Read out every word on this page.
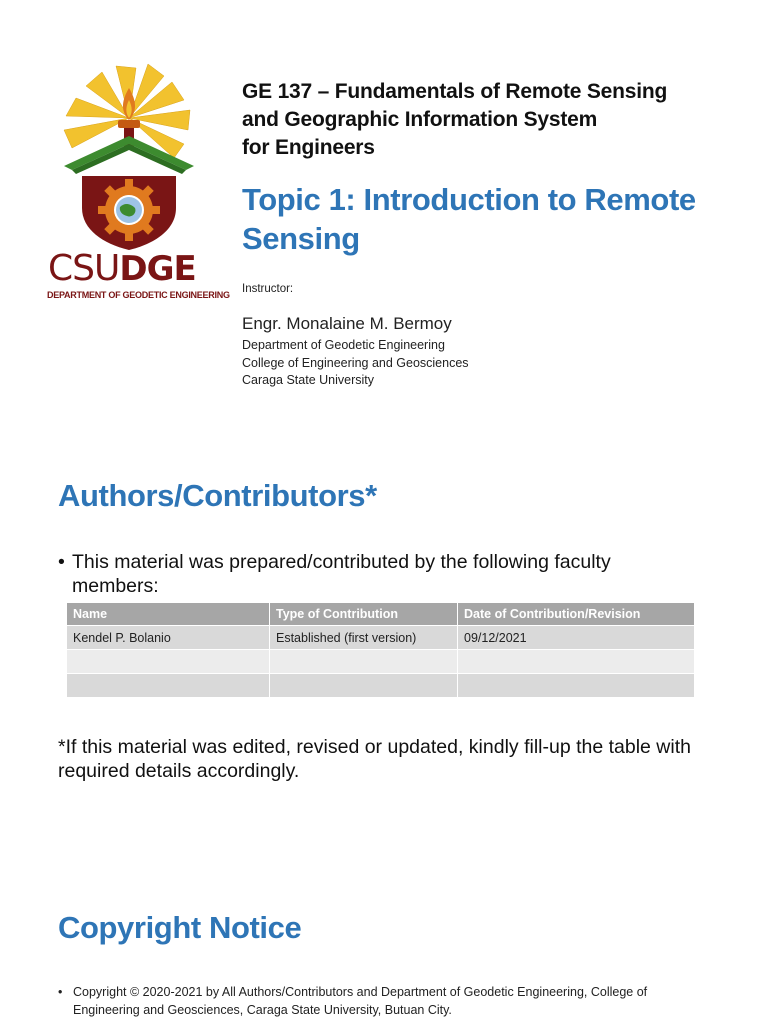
CSUDGE
DEPARTMENT OF GEODETIC ENGINEERING
GE 137 – Fundamentals of Remote Sensing
and Geographic Information System
for Engineers
Topic 1: Introduction to Remote
Sensing
Instructor:
Engr. Monalaine M. Bermoy
Department of Geodetic Engineering
College of Engineering and Geosciences
Caraga State University
Authors/Contributors*
• This material was prepared/contributed by the following faculty members:
Name	Type of Contribution	Date of Contribution/Revision
Kendel P. Bolanio	Established (first version)	09/12/2021

*If this material was edited, revised or updated, kindly fill-up the table with required details accordingly.
Copyright Notice
• Copyright © 2020-2021 by All Authors/Contributors and Department of Geodetic Engineering, College of Engineering and Geosciences, Caraga State University, Butuan City.
